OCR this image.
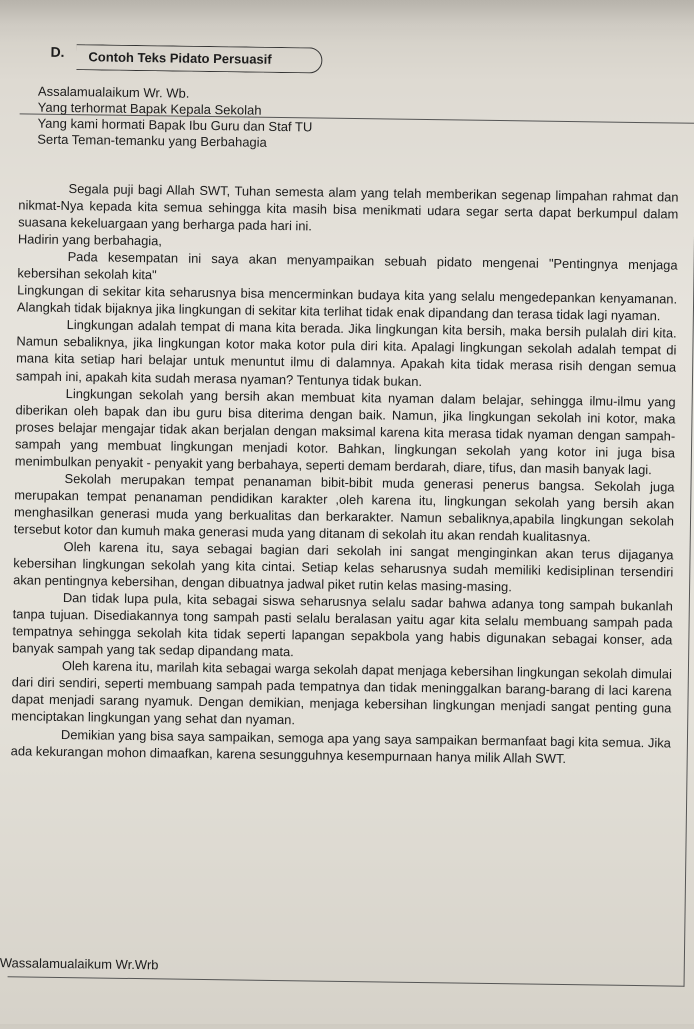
D.	Contoh Teks Pidato Persuasif
Assalamualaikum Wr. Wb.
Yang terhormat Bapak Kepala Sekolah
Yang kami hormati Bapak Ibu Guru dan Staf TU
Serta Teman-temanku yang Berbahagia

Segala puji bagi Allah SWT, Tuhan semesta alam yang telah memberikan segenap limpahan rahmat dan nikmat-Nya kepada kita semua sehingga kita masih bisa menikmati udara segar serta dapat berkumpul dalam suasana kekeluargaan yang berharga pada hari ini.

Hadirin yang berbahagia,

Pada kesempatan ini saya akan menyampaikan sebuah pidato mengenai "Pentingnya menjaga kebersihan sekolah kita"

Lingkungan di sekitar kita seharusnya bisa mencerminkan budaya kita yang selalu mengedepankan kenyamanan. Alangkah tidak bijaknya jika lingkungan di sekitar kita terlihat tidak enak dipandang dan terasa tidak lagi nyaman.

Lingkungan adalah tempat di mana kita berada. Jika lingkungan kita bersih, maka bersih pulalah diri kita. Namun sebaliknya, jika lingkungan kotor maka kotor pula diri kita. Apalagi lingkungan sekolah adalah tempat di mana kita setiap hari belajar untuk menuntut ilmu di dalamnya. Apakah kita tidak merasa risih dengan semua sampah ini, apakah kita sudah merasa nyaman? Tentunya tidak bukan.

Lingkungan sekolah yang bersih akan membuat kita nyaman dalam belajar, sehingga ilmu-ilmu yang diberikan oleh bapak dan ibu guru bisa diterima dengan baik. Namun, jika lingkungan sekolah ini kotor, maka proses belajar mengajar tidak akan berjalan dengan maksimal karena kita merasa tidak nyaman dengan sampah-sampah yang membuat lingkungan menjadi kotor. Bahkan, lingkungan sekolah yang kotor ini juga bisa menimbulkan penyakit - penyakit yang berbahaya, seperti demam berdarah, diare, tifus, dan masih banyak lagi.

Sekolah merupakan tempat penanaman bibit-bibit muda generasi penerus bangsa. Sekolah juga merupakan tempat penanaman pendidikan karakter ,oleh karena itu, lingkungan sekolah yang bersih akan menghasilkan generasi muda yang berkualitas dan berkarakter. Namun sebaliknya,apabila lingkungan sekolah tersebut kotor dan kumuh maka generasi muda yang ditanam di sekolah itu akan rendah kualitasnya.

Oleh karena itu, saya sebagai bagian dari sekolah ini sangat menginginkan akan terus dijaganya kebersihan lingkungan sekolah yang kita cintai. Setiap kelas seharusnya sudah memiliki kedisiplinan tersendiri akan pentingnya kebersihan, dengan dibuatnya jadwal piket rutin kelas masing-masing.

Dan tidak lupa pula, kita sebagai siswa seharusnya selalu sadar bahwa adanya tong sampah bukanlah tanpa tujuan. Disediakannya tong sampah pasti selalu beralasan yaitu agar kita selalu membuang sampah pada tempatnya sehingga sekolah kita tidak seperti lapangan sepakbola yang habis digunakan sebagai konser, ada banyak sampah yang tak sedap dipandang mata.

Oleh karena itu, marilah kita sebagai warga sekolah dapat menjaga kebersihan lingkungan sekolah dimulai dari diri sendiri, seperti membuang sampah pada tempatnya dan tidak meninggalkan barang-barang di laci karena dapat menjadi sarang nyamuk. Dengan demikian, menjaga kebersihan lingkungan menjadi sangat penting guna menciptakan lingkungan yang sehat dan nyaman.

Demikian yang bisa saya sampaikan, semoga apa yang saya sampaikan bermanfaat bagi kita semua. Jika ada kekurangan mohon dimaafkan, karena sesungguhnya kesempurnaan hanya milik Allah SWT.

Wassalamualaikum Wr.Wrb
